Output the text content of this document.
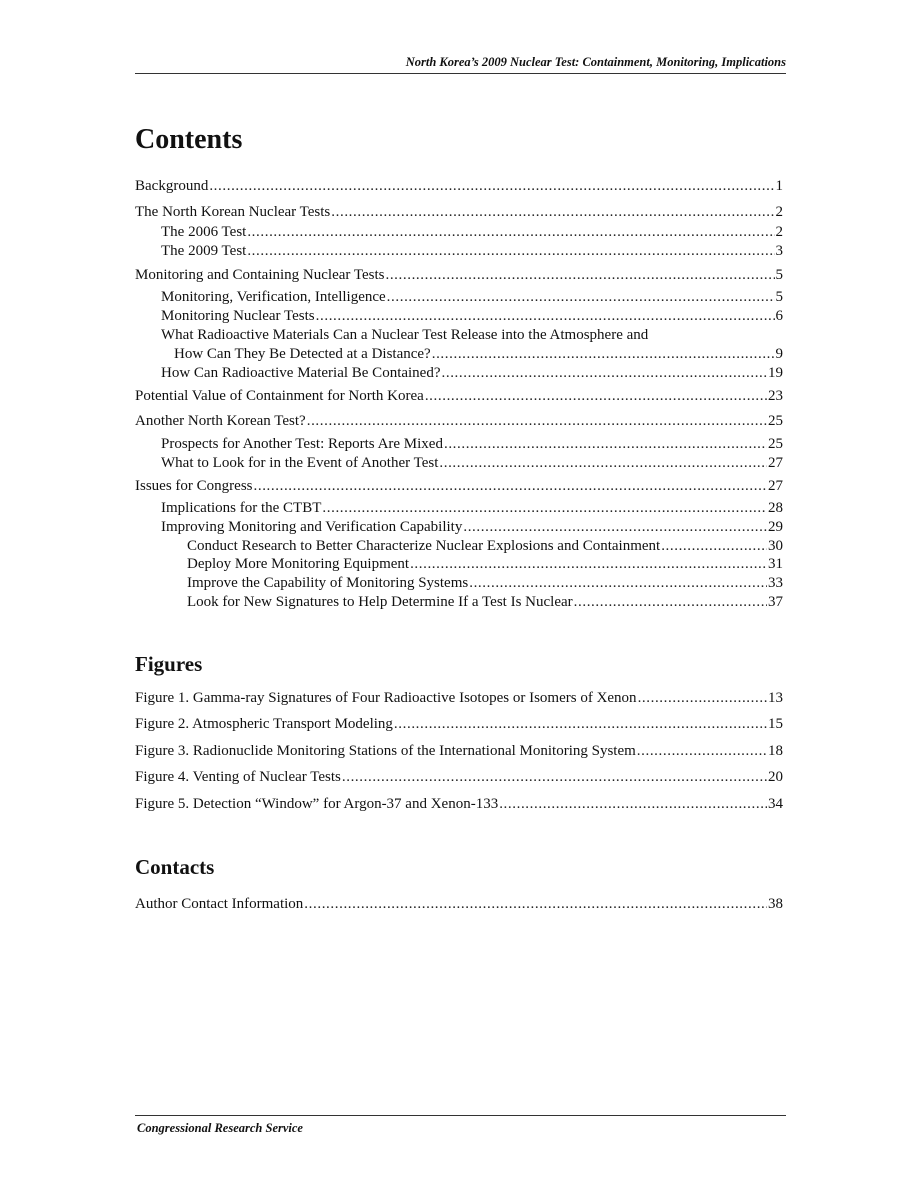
North Korea’s 2009 Nuclear Test: Containment, Monitoring, Implications
Contents
Background .....	1
The North Korean Nuclear Tests .....	2
The 2006 Test .....	2
The 2009 Test .....	3
Monitoring and Containing Nuclear Tests .....	5
Monitoring, Verification, Intelligence .....	5
Monitoring Nuclear Tests .....	6
What Radioactive Materials Can a Nuclear Test Release into the Atmosphere and
How Can They Be Detected at a Distance? .....	9
How Can Radioactive Material Be Contained? .....	19
Potential Value of Containment for North Korea .....	23
Another North Korean Test? .....	25
Prospects for Another Test: Reports Are Mixed .....	25
What to Look for in the Event of Another Test .....	27
Issues for Congress .....	27
Implications for the CTBT .....	28
Improving Monitoring and Verification Capability .....	29
Conduct Research to Better Characterize Nuclear Explosions and Containment .....	30
Deploy More Monitoring Equipment .....	31
Improve the Capability of Monitoring Systems .....	33
Look for New Signatures to Help Determine If a Test Is Nuclear .....	37
Figures
Figure 1. Gamma-ray Signatures of Four Radioactive Isotopes or Isomers of Xenon .....	13
Figure 2. Atmospheric Transport Modeling .....	15
Figure 3. Radionuclide Monitoring Stations of the International Monitoring System .....	18
Figure 4. Venting of Nuclear Tests .....	20
Figure 5. Detection “Window” for Argon-37 and Xenon-133 .....	34
Contacts
Author Contact Information .....	38
Congressional Research Service
